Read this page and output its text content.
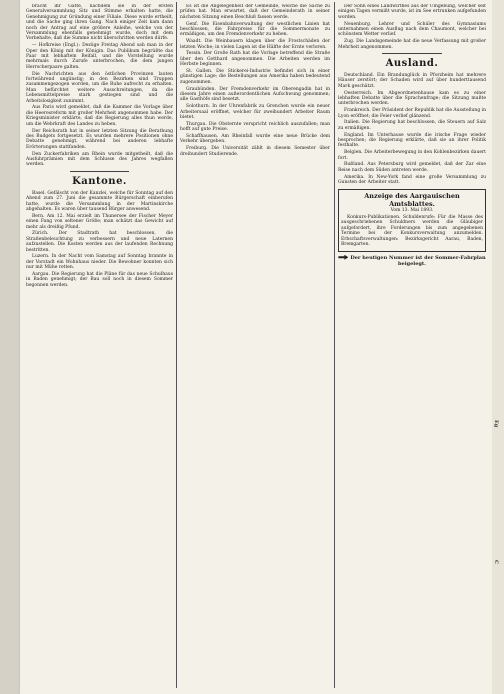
bracht ihr Gatte, nachdem sie in der ersten Generalversammlung Sitz und Stimme erhalten hatte, die Genehmigung zur Gründung einer Filiale. Diese wurde ertheilt, und die Sache ging ihren Gang. Nach einiger Zeit kam dann noch der Antrag auf eine größere Anleihe, welche von der Versammlung ebenfalls genehmigt wurde, doch mit dem Vorbehalte, daß die Summe nicht überschritten werden dürfe.

— Hofkreise (Engl.): Dezüge Freitag Abend sah man in der Oper den König mit der Königin. Das Publikum begrüßte das Paar mit lebhaftem Beifall, und die Vorstellung wurde mehrmals durch Zurufe unterbrochen, die dem jungen Herrscherpaare galten.

Die Nachrichten aus den östlichen Provinzen lauten fortwährend ungünstig; in den Bezirken sind Truppen zusammengezogen worden, um die Ruhe aufrecht zu erhalten. Man befürchtet weitere Ausschreitungen, da die Lebensmittelpreise stark gestiegen sind und die Arbeitslosigkeit zunimmt.

Aus Paris wird gemeldet, daß die Kammer die Vorlage über die Heeresreform mit großer Mehrheit angenommen habe. Der Kriegsminister erklärte, daß die Regierung alles thun werde, um die Wehrkraft des Landes zu heben.

Der Reichsrath hat in seiner letzten Sitzung die Berathung des Budgets fortgesetzt. Es wurden mehrere Positionen ohne Debatte genehmigt, während bei anderen lebhafte Erörterungen stattfanden.

Den Zuckerfabriken am Rhein wurde mitgetheilt, daß die Ausfuhrprämien mit dem Schlusse des Jahres wegfallen werden.

Kantone.

Basel. Gefälscht von der Kanzlei, welche für Sonntag auf den Abend zum 27. Juni die gesammte Bürgerschaft einberufen hatte, wurde die Versammlung in der Martinskirche abgehalten. Es waren über tausend Bürger anwesend.

Bern. Am 12. Mai erzielt im Thunersee der Fischer Meyer einen Fang von seltener Größe; man schätzt das Gewicht auf mehr als dreißig Pfund.

Zürich. Der Stadtrath hat beschlossen, die Straßenbeleuchtung zu verbessern und neue Laternen aufzustellen. Die Kosten werden aus der laufenden Rechnung bestritten.

Luzern. In der Nacht vom Samstag auf Sonntag brannte in der Vorstadt ein Wohnhaus nieder. Die Bewohner konnten sich nur mit Mühe retten.

Aargau. Die Regierung hat die Pläne für das neue Schulhaus in Baden genehmigt; der Bau soll noch in diesem Sommer begonnen werden.

Es ist die Angelegenheit der Gemeinde, welche die Sache zu prüfen hat. Man erwartet, daß der Gemeinderath in seiner nächsten Sitzung einen Beschluß fassen werde.

Genf. Die Eisenbahnverwaltung der westlichen Linien hat beschlossen, die Fahrpreise für die Sommermonate zu ermäßigen, um den Fremdenverkehr zu heben.

Waadt. Die Weinbauern klagen über die Frostschäden der letzten Woche; in vielen Lagen ist die Hälfte der Ernte verloren.

Tessin. Der Große Rath hat die Vorlage betreffend die Straße über den Gotthard angenommen. Die Arbeiten werden im Herbste beginnen.

St. Gallen. Die Stickerei-Industrie befindet sich in einer günstigen Lage; die Bestellungen aus Amerika haben bedeutend zugenommen.

Graubünden. Der Fremdenverkehr im Oberengadin hat in diesem Jahre einen außerordentlichen Aufschwung genommen; alle Gasthöfe sind besetzt.

Solothurn. In der Uhrenfabrik zu Grenchen wurde ein neuer Arbeitersaal eröffnet, welcher für zweihundert Arbeiter Raum bietet.

Thurgau. Die Obsternte verspricht reichlich auszufallen; man hofft auf gute Preise.

Schaffhausen. Am Rheinfall wurde eine neue Brücke dem Verkehr übergeben.

Freiburg. Die Universität zählt in diesem Semester über dreihundert Studierende.

Der Sohn eines Landwirthes aus der Umgebung, welcher seit einigen Tagen vermißt wurde, ist im See ertrunken aufgefunden worden.

Neuenburg. Lehrer und Schüler des Gymnasiums unternahmen einen Ausflug nach dem Chaumont, welcher bei schönstem Wetter verlief.

Zug. Die Landsgemeinde hat die neue Verfassung mit großer Mehrheit angenommen.

Ausland.

Deutschland. Ein Brandunglück in Pforzheim hat mehrere Häuser zerstört; der Schaden wird auf über hunderttausend Mark geschätzt.

Oesterreich. Im Abgeordnetenhause kam es zu einer lebhaften Debatte über die Sprachenfrage; die Sitzung mußte unterbrochen werden.

Frankreich. Der Präsident der Republik hat die Ausstellung in Lyon eröffnet; die Feier verlief glänzend.

Italien. Die Regierung hat beschlossen, die Steuern auf Salz zu ermäßigen.

England. Im Unterhause wurde die irische Frage wieder besprochen; die Regierung erklärte, daß sie an ihrer Politik festhalte.

Belgien. Die Arbeiterbewegung in den Kohlenbezirken dauert fort.

Rußland. Aus Petersburg wird gemeldet, daß der Zar eine Reise nach dem Süden antreten werde.

Amerika. In New-York fand eine große Versammlung zu Gunsten der Arbeiter statt.

Anzeige des Aargauischen Amtsblattes.
Vom 13. Mai 1893.

Konkurs-Publikationen. Schuldenrufe: Für die Masse des ausgeschriebenen Schuldners werden die Gläubiger aufgefordert, ihre Forderungen bis zum angegebenen Termine bei der Konkursverwaltung anzumelden. Erbschaftsverwaltungen: Bezirksgericht Aarau, Baden, Bremgarten.

Der heutigen Nummer ist der Sommer-Fahrplan beigelegt.
Eg
C
